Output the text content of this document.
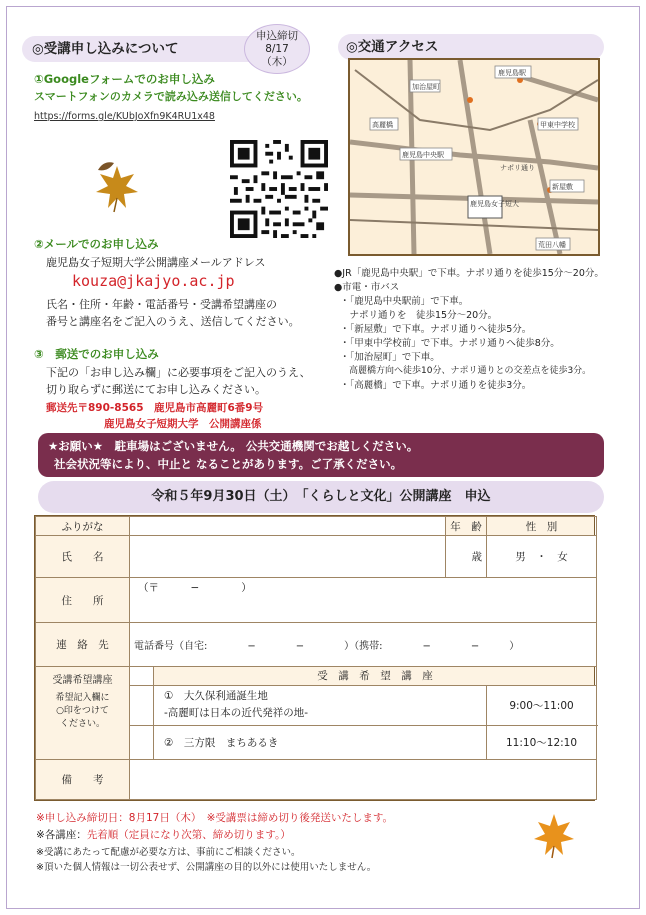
◎受講申し込みについて
申込締切
8/17
（木）
①Googleフォームでのお申し込み
スマートフォンのカメラで読み込み送信してください。
https://forms.gle/KUbJoXfn9K4RU1x48
②メールでのお申し込み
鹿児島女子短期大学公開講座メールアドレス
kouza@jkajyo.ac.jp
氏名・住所・年齢・電話番号・受講希望講座の
番号と講座名をご記入のうえ、送信してください。
③　郵送でのお申し込み
下記の「お申し込み欄」に必要事項をご記入のうえ、
切り取らずに郵送にてお申し込みください。
郵送先〒890-8565　鹿児島市高麗町6番9号
鹿児島女子短期大学　公開講座係
◎交通アクセス
鹿児島駅
鹿児島中央駅
加治屋町
甲東中学校
高麗橋
荒田八幡
新屋敷
鹿児島女子短大
ナポリ通り
●JR「鹿児島中央駅」で下車。ナポリ通りを徒歩15分～20分。
●市電・市バス
・「鹿児島中央駅前」で下車。
　ナポリ通りを　徒歩15分～20分。
・「新屋敷」で下車。ナポリ通りへ徒歩5分。
・「甲東中学校前」で下車。ナポリ通りへ徒歩8分。
・「加治屋町」で下車。
　高麗橋方向へ徒歩10分、ナポリ通りとの交差点を徒歩3分。
・「高麗橋」で下車。ナポリ通りを徒歩3分。
★お願い★　駐車場はございません。 公共交通機関でお越しください。
社会状況等により、中止と なることがあります。ご了承ください。
令和５年9月30日（土）　「くらしと文化」公開講座　申込
ふりがな			年　齢	性　別
氏　　名			歳	男　・　女
住　　所	（〒　　　−　　　　）			
連　絡　先	電話番号（自宅:　　　　−　　　　−　　　　）（携帯:　　　　−　　　　−　　　）			

受講希望講座
希望記入欄に
○印をつけて
ください。		受　講　希　望　講　座		

		①　大久保利通誕生地
-高麗町は日本の近代発祥の地-		9:00～11:00
		②　三方限　まちあるき		11:10～12:10
備　　考				
※申し込み締切日：8月17日（木）　※受講票は締め切り後発送いたします。
※各講座：先着順（定員になり次第、締め切ります。）
※受講にあたって配慮が必要な方は、事前にご相談ください。
※頂いた個人情報は一切公表せず、公開講座の目的以外には使用いたしません。
